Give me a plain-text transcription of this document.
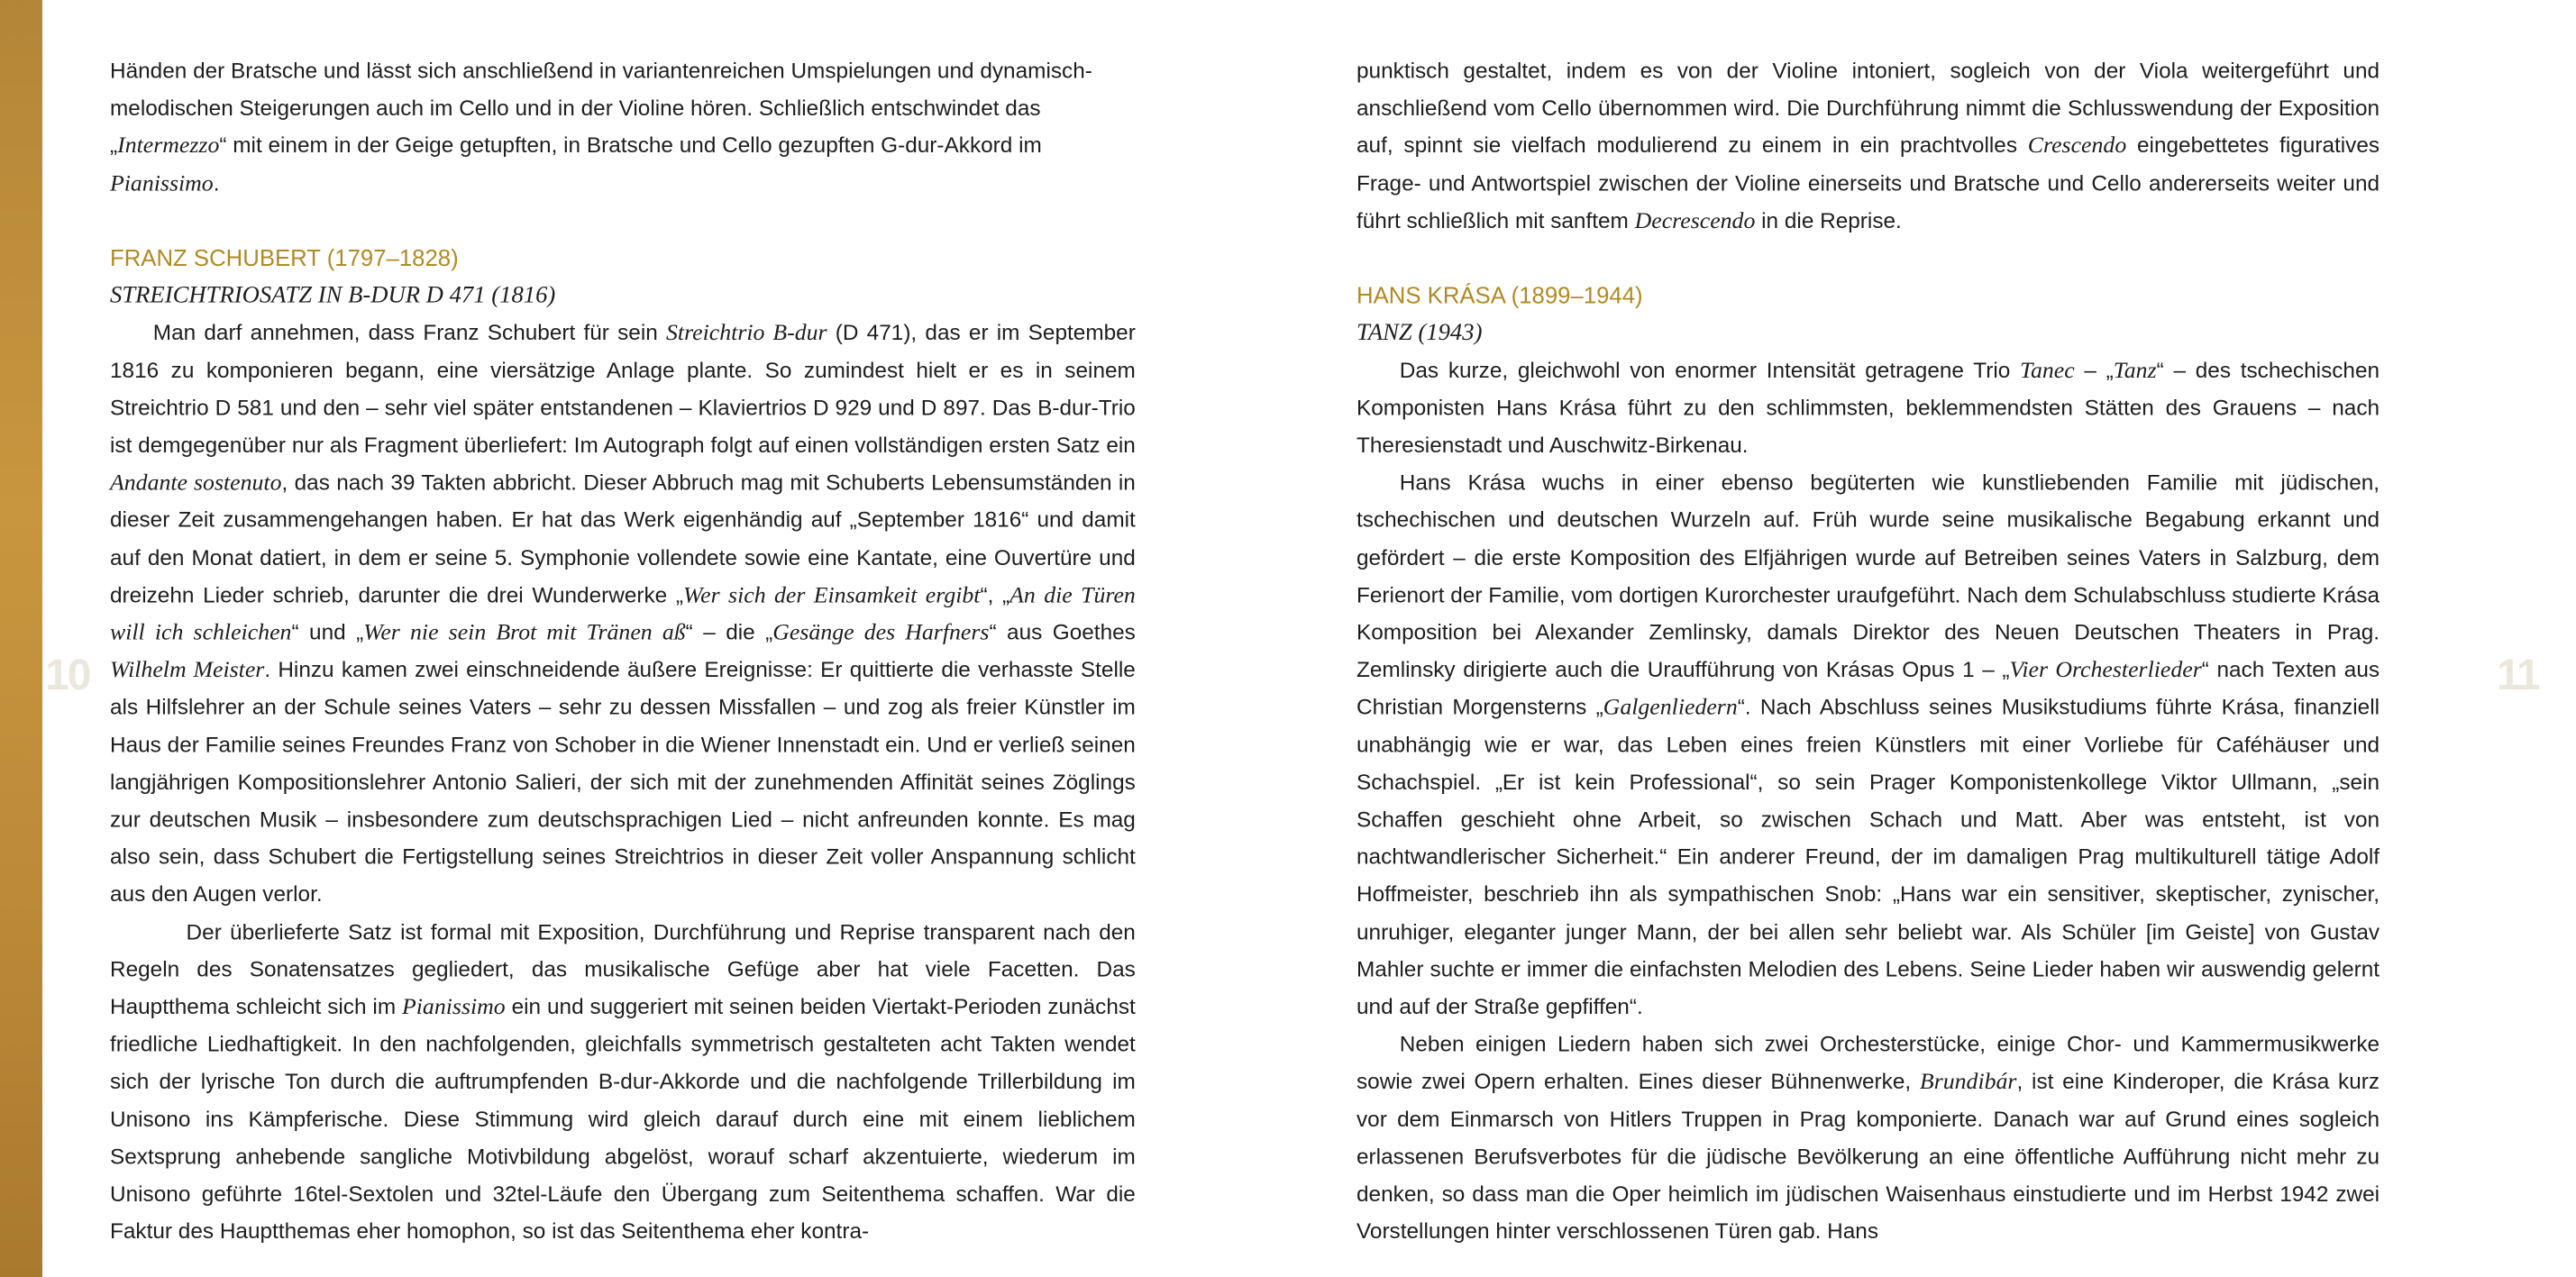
10	11

Händen der Bratsche und lässt sich anschließend in variantenreichen Umspielungen und dynamisch-melodischen Steigerungen auch im Cello und in der Violine hören. Schließlich entschwindet das „Intermezzo“ mit einem in der Geige getupften, in Bratsche und Cello gezupften G-dur-Akkord im Pianissimo.

FRANZ SCHUBERT (1797–1828)
STREICHTRIOSATZ IN B-DUR D 471 (1816)

Man darf annehmen, dass Franz Schubert für sein Streichtrio B-dur (D 471), das er im September 1816 zu komponieren begann, eine viersätzige Anlage plante. So zumindest hielt er es in seinem Streichtrio D 581 und den – sehr viel später entstandenen – Klaviertrios D 929 und D 897. Das B-dur-Trio ist demgegenüber nur als Fragment überliefert: Im Autograph folgt auf einen vollständigen ersten Satz ein Andante sostenuto, das nach 39 Takten abbricht. Dieser Abbruch mag mit Schuberts Lebensumständen in dieser Zeit zusammengehangen haben. Er hat das Werk eigenhändig auf „September 1816“ und damit auf den Monat datiert, in dem er seine 5. Symphonie vollendete sowie eine Kantate, eine Ouvertüre und dreizehn Lieder schrieb, darunter die drei Wunderwerke „Wer sich der Einsamkeit ergibt“, „An die Türen will ich schleichen“ und „Wer nie sein Brot mit Tränen aß“ – die „Gesänge des Harfners“ aus Goethes Wilhelm Meister. Hinzu kamen zwei einschneidende äußere Ereignisse: Er quittierte die verhasste Stelle als Hilfslehrer an der Schule seines Vaters – sehr zu dessen Missfallen – und zog als freier Künstler im Haus der Familie seines Freundes Franz von Schober in die Wiener Innenstadt ein. Und er verließ seinen langjährigen Kompositionslehrer Antonio Salieri, der sich mit der zunehmenden Affinität seines Zöglings zur deutschen Musik – insbesondere zum deutschsprachigen Lied – nicht anfreunden konnte. Es mag also sein, dass Schubert die Fertigstellung seines Streichtrios in dieser Zeit voller Anspannung schlicht aus den Augen verlor.

Der überlieferte Satz ist formal mit Exposition, Durchführung und Reprise transparent nach den Regeln des Sonatensatzes gegliedert, das musikalische Gefüge aber hat viele Facetten. Das Hauptthema schleicht sich im Pianissimo ein und suggeriert mit seinen beiden Viertakt-Perioden zunächst friedliche Liedhaftigkeit. In den nachfolgenden, gleichfalls symmetrisch gestalteten acht Takten wendet sich der lyrische Ton durch die auftrumpfenden B-dur-Akkorde und die nachfolgende Trillerbildung im Unisono ins Kämpferische. Diese Stimmung wird gleich darauf durch eine mit einem lieblichem Sextsprung anhebende sangliche Motivbildung abgelöst, worauf scharf akzentuierte, wiederum im Unisono geführte 16tel-Sextolen und 32tel-Läufe den Übergang zum Seitenthema schaffen. War die Faktur des Hauptthemas eher homophon, so ist das Seitenthema eher kontra-

punktisch gestaltet, indem es von der Violine intoniert, sogleich von der Viola weitergeführt und anschließend vom Cello übernommen wird. Die Durchführung nimmt die Schlusswendung der Exposition auf, spinnt sie vielfach modulierend zu einem in ein prachtvolles Crescendo eingebettetes figuratives Frage- und Antwortspiel zwischen der Violine einerseits und Bratsche und Cello andererseits weiter und führt schließlich mit sanftem Decrescendo in die Reprise.

HANS KRÁSA (1899–1944)
TANZ (1943)

Das kurze, gleichwohl von enormer Intensität getragene Trio Tanec – „Tanz“ – des tschechischen Komponisten Hans Krása führt zu den schlimmsten, beklemmendsten Stätten des Grauens – nach Theresienstadt und Auschwitz-Birkenau.

Hans Krása wuchs in einer ebenso begüterten wie kunstliebenden Familie mit jüdischen, tschechischen und deutschen Wurzeln auf. Früh wurde seine musikalische Begabung erkannt und gefördert – die erste Komposition des Elfjährigen wurde auf Betreiben seines Vaters in Salzburg, dem Ferienort der Familie, vom dortigen Kurorchester uraufgeführt. Nach dem Schulabschluss studierte Krása Komposition bei Alexander Zemlinsky, damals Direktor des Neuen Deutschen Theaters in Prag. Zemlinsky dirigierte auch die Uraufführung von Krásas Opus 1 – „Vier Orchesterlieder“ nach Texten aus Christian Morgensterns „Galgenliedern“. Nach Abschluss seines Musikstudiums führte Krása, finanziell unabhängig wie er war, das Leben eines freien Künstlers mit einer Vorliebe für Caféhäuser und Schachspiel. „Er ist kein Professional“, so sein Prager Komponistenkollege Viktor Ullmann, „sein Schaffen geschieht ohne Arbeit, so zwischen Schach und Matt. Aber was entsteht, ist von nachtwandlerischer Sicherheit.“ Ein anderer Freund, der im damaligen Prag multikulturell tätige Adolf Hoffmeister, beschrieb ihn als sympathischen Snob: „Hans war ein sensitiver, skeptischer, zynischer, unruhiger, eleganter junger Mann, der bei allen sehr beliebt war. Als Schüler [im Geiste] von Gustav Mahler suchte er immer die einfachsten Melodien des Lebens. Seine Lieder haben wir auswendig gelernt und auf der Straße gepfiffen“.

Neben einigen Liedern haben sich zwei Orchesterstücke, einige Chor- und Kammermusikwerke sowie zwei Opern erhalten. Eines dieser Bühnenwerke, Brundibár, ist eine Kinderoper, die Krása kurz vor dem Einmarsch von Hitlers Truppen in Prag komponierte. Danach war auf Grund eines sogleich erlassenen Berufsverbotes für die jüdische Bevölkerung an eine öffentliche Aufführung nicht mehr zu denken, so dass man die Oper heimlich im jüdischen Waisenhaus einstudierte und im Herbst 1942 zwei Vorstellungen hinter verschlossenen Türen gab. Hans
